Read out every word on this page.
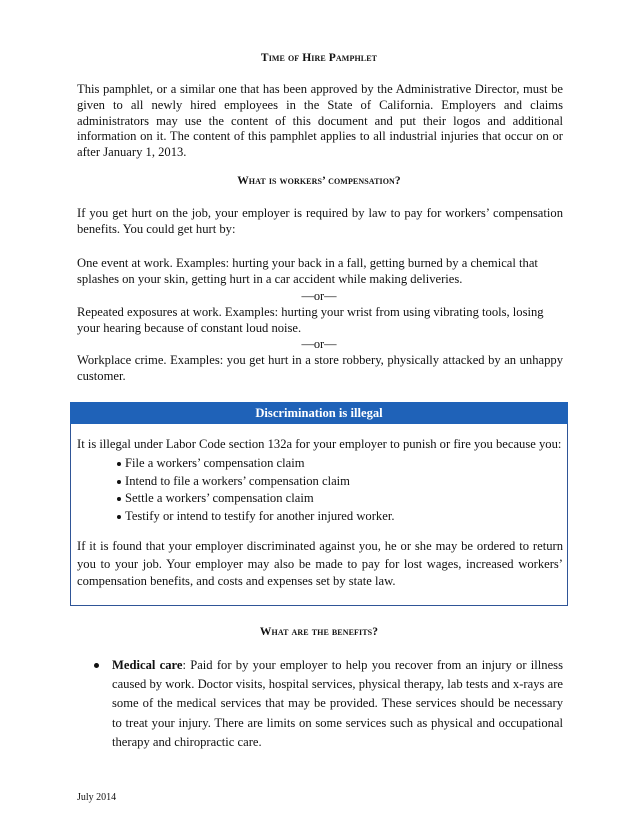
Time of Hire Pamphlet

This pamphlet, or a similar one that has been approved by the Administrative Director, must be given to all newly hired employees in the State of California. Employers and claims administrators may use the content of this document and put their logos and additional information on it. The content of this pamphlet applies to all industrial injuries that occur on or after January 1, 2013.

What is workers’ compensation?

If you get hurt on the job, your employer is required by law to pay for workers’ compensation benefits. You could get hurt by:

One event at work. Examples: hurting your back in a fall, getting burned by a chemical that splashes on your skin, getting hurt in a car accident while making deliveries.

—or—

Repeated exposures at work. Examples: hurting your wrist from using vibrating tools, losing your hearing because of constant loud noise.

—or—

Workplace crime. Examples: you get hurt in a store robbery, physically attacked by an unhappy customer.

Discrimination is illegal
It is illegal under Labor Code section 132a for your employer to punish or fire you because you:
File a workers’ compensation claim
Intend to file a workers’ compensation claim
Settle a workers’ compensation claim
Testify or intend to testify for another injured worker.

If it is found that your employer discriminated against you, he or she may be ordered to return you to your job. Your employer may also be made to pay for lost wages, increased workers’ compensation benefits, and costs and expenses set by state law.

What are the benefits?

Medical care: Paid for by your employer to help you recover from an injury or illness caused by work. Doctor visits, hospital services, physical therapy, lab tests and x-rays are some of the medical services that may be provided. These services should be necessary to treat your injury. There are limits on some services such as physical and occupational therapy and chiropractic care.

July 2014
